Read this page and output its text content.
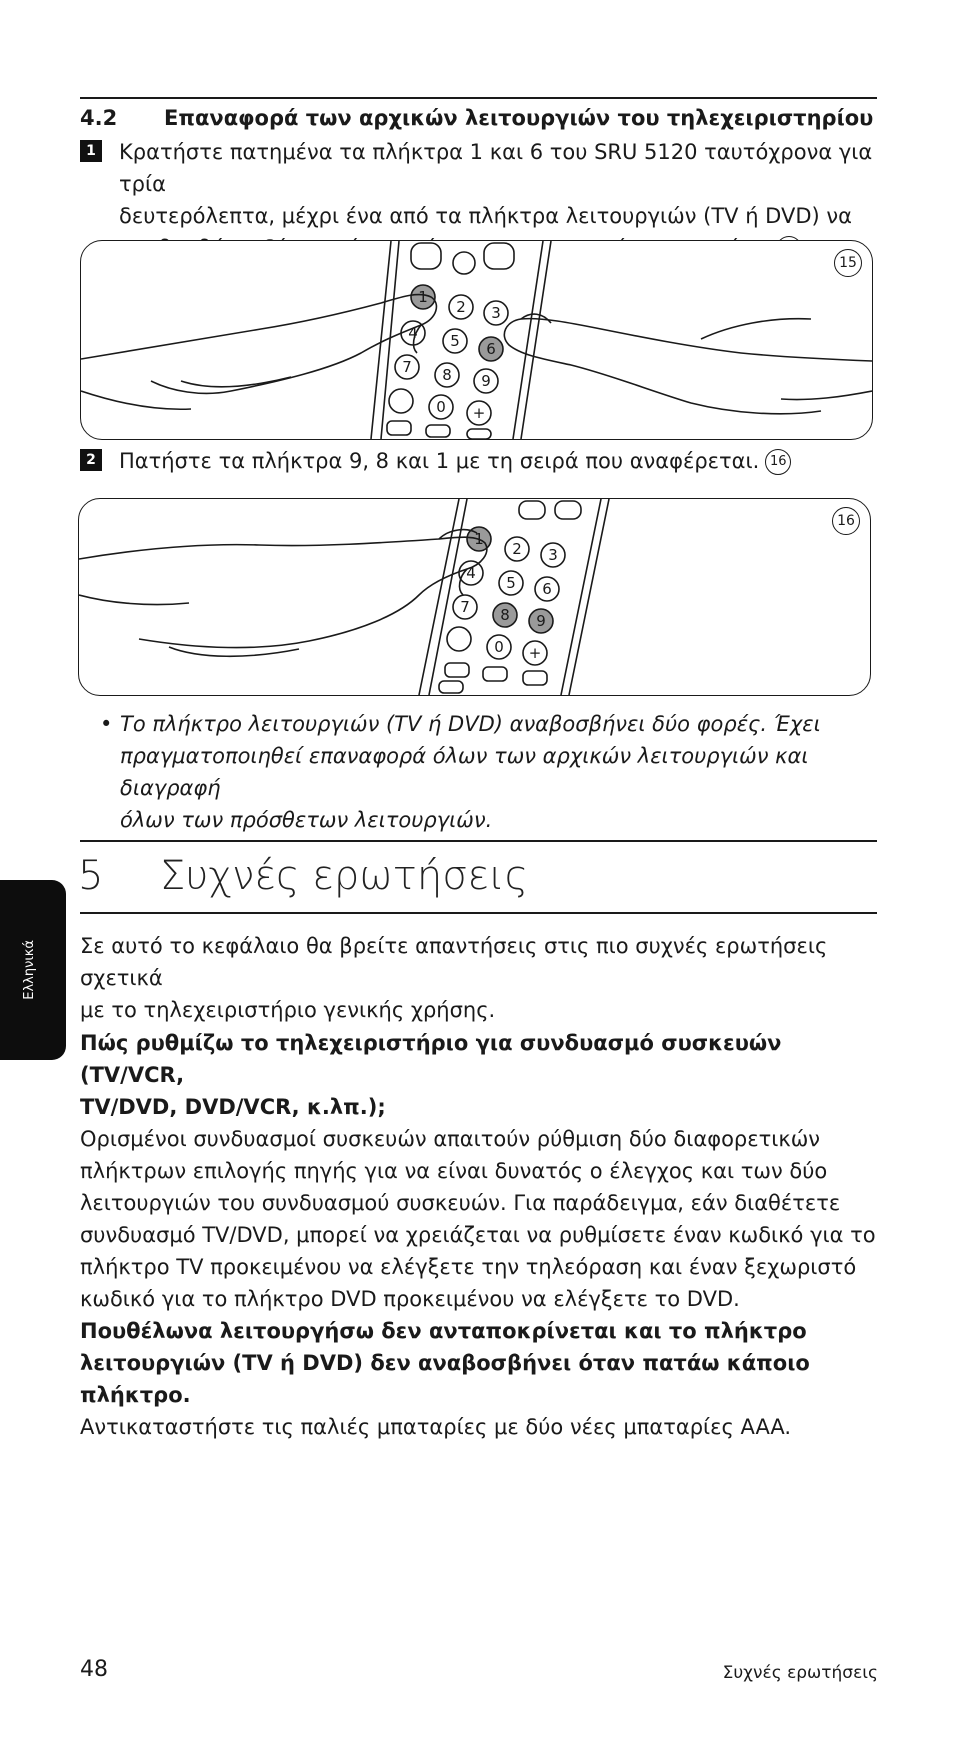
4.2 Επαναφορά των αρχικών λειτουργιών του τηλεχειριστηρίου
1 Κρατήστε πατημένα τα πλήκτρα 1 και 6 του SRU 5120 ταυτόχρονα για τρία
δευτερόλεπτα, μέχρι ένα από τα πλήκτρα λειτουργιών (TV ή DVD) να
1
2 3
4 5 6
7 8 9
0 +
15
2 Πατήστε τα πλήκτρα 9, 8 και 1 με τη σειρά που αναφέρεται. 16
1
2 3
4
5 6
7 8 9
0 +
16
• Το πλήκτρο λειτουργιών (TV ή DVD) αναβοσβήνει δύο φορές. Έχει
πραγματοποιηθεί επαναφορά όλων των αρχικών λειτουργιών και διαγραφή
όλων των πρόσθετων λειτουργιών.
5 Συχνές ερωτήσεις
Ελληνικά Σε αυτό το κεφάλαιο θα βρείτε απαντήσεις στις πιο συχνές ερωτήσεις σχετικά
με το τηλεχειριστήριο γενικής χρήσης.
Πώς ρυθμίζω το τηλεχειριστήριο για συνδυασμό συσκευών (TV/VCR,
TV/DVD, DVD/VCR, κ.λπ.);
Ορισμένοι συνδυασμοί συσκευών απαιτούν ρύθμιση δύο διαφορετικών
πλήκτρων επιλογής πηγής για να είναι δυνατός ο έλεγχος και των δύο
λειτουργιών του συνδυασμού συσκευών. Για παράδειγμα, εάν διαθέτετε
συνδυασμό TV/DVD, μπορεί να χρειάζεται να ρυθμίσετε έναν κωδικό για το
πλήκτρο TV προκειμένου να ελέγξετε την τηλεόραση και έναν ξεχωριστό
κωδικό για το πλήκτρο DVD προκειμένου να ελέγξετε το DVD.
Πουθέλωνα λειτουργήσω δεν ανταποκρίνεται και το πλήκτρο
λειτουργιών (TV ή DVD) δεν αναβοσβήνει όταν πατάω κάποιο
πλήκτρο.
Αντικαταστήστε τις παλιές μπαταρίες με δύο νέες μπαταρίες AAA.
48	Συχνές ερωτήσεις
